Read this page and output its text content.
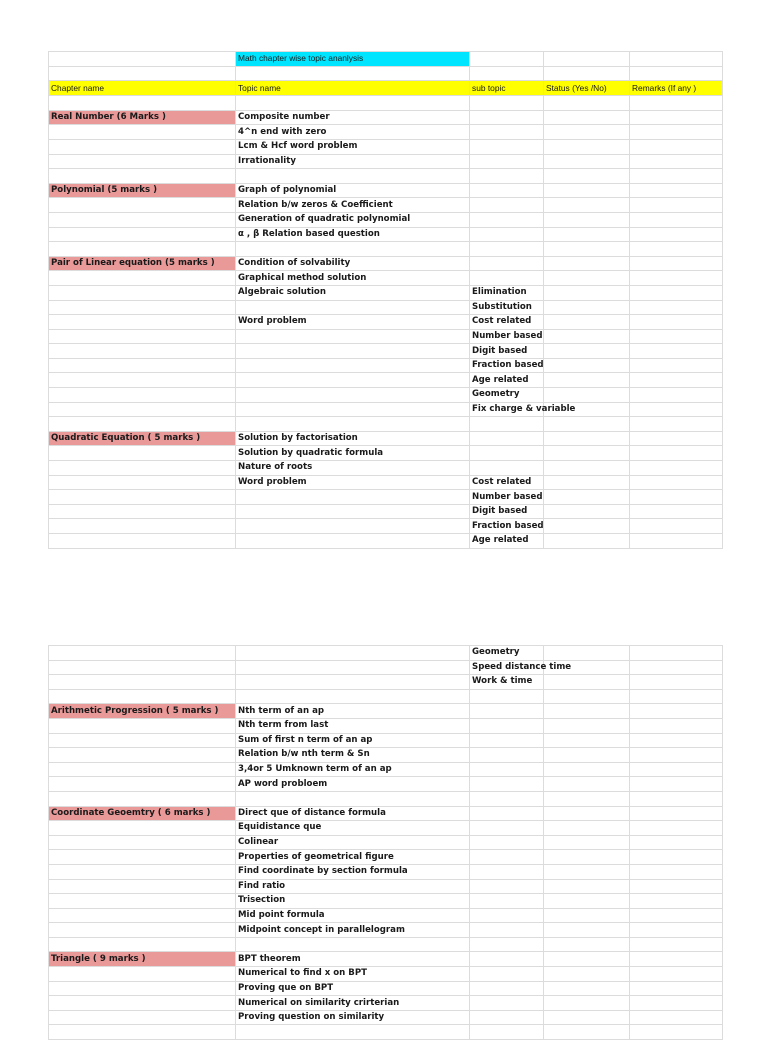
	Math chapter wise topic ananlysis			

Chapter name	Topic name	sub topic	Status (Yes /No)	Remarks (If any )

Real Number (6 Marks )	Composite number			
	4^n end with zero			
	Lcm & Hcf word problem			
	Irrationality			

Polynomial (5 marks )	Graph of polynomial			
	Relation b/w zeros & Coefficient			
	Generation of quadratic polynomial			
	α , β Relation based question			

Pair of Linear equation (5 marks )	Condition of solvability			
	Graphical method solution			
	Algebraic solution	Elimination		
		Substitution		
	Word problem	Cost related		
		Number based		
		Digit based		
		Fraction based		
		Age related		
		Geometry		
		Fix charge & variable		

Quadratic Equation ( 5 marks )	Solution by factorisation			
	Solution by quadratic formula			
	Nature of roots			
	Word problem	Cost related		
		Number based		
		Digit based		
		Fraction based		
		Age related		
		Geometry		
		Speed distance time		
		Work & time		

Arithmetic Progression ( 5 marks )	Nth term of an ap			
	Nth term from last			
	Sum of first n term of an ap			
	Relation b/w nth term & Sn			
	3,4or 5 Umknown term of an ap			
	AP word probloem			

Coordinate Geoemtry ( 6 marks )	Direct que of distance formula			
	Equidistance que			
	Colinear			
	Properties of geometrical figure			
	Find coordinate by section formula			
	Find ratio			
	Trisection			
	Mid point formula			
	Midpoint concept in parallelogram			

Triangle ( 9 marks )	BPT theorem			
	Numerical to find x on BPT			
	Proving que on BPT			
	Numerical on similarity crirterian			
	Proving question on similarity			
